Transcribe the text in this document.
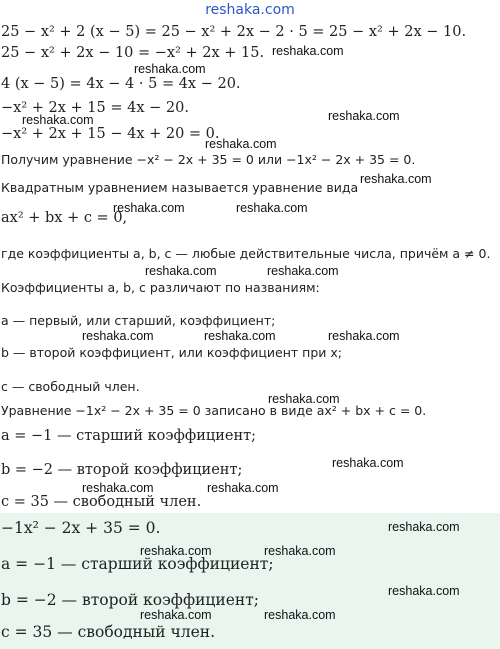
reshaka.com
25 − x² + 2 (x − 5) = 25 − x² + 2x − 2 · 5 = 25 − x² + 2x − 10.
25 − x² + 2x − 10 = −x² + 2x + 15.
4 (x − 5) = 4x − 4 · 5 = 4x − 20.
−x² + 2x + 15 = 4x − 20.
−x² + 2x + 15 − 4x + 20 = 0.
Получим уравнение −x² − 2x + 35 = 0 или −1x² − 2x + 35 = 0.
Квадратным уравнением называется уравнение вида
ax² + bx + c = 0,
где коэффициенты a, b, c — любые действительные числа, причём a ≠ 0.
Коэффициенты a, b, c различают по названиям:
a — первый, или старший, коэффициент;
b — второй коэффициент, или коэффициент при x;
c — свободный член.
Уравнение −1x² − 2x + 35 = 0 записано в виде ax² + bx + c = 0.
a = −1 — старший коэффициент;
b = −2 — второй коэффициент;
c = 35 — свободный член.
−1x² − 2x + 35 = 0.
a = −1 — старший коэффициент;
b = −2 — второй коэффициент;
c = 35 — свободный член.
reshaka.com
reshaka.com
reshaka.com	reshaka.com
reshaka.com
reshaka.com
reshaka.com	reshaka.com
reshaka.com	reshaka.com
reshaka.com	reshaka.com	reshaka.com
reshaka.com
reshaka.com
reshaka.com	reshaka.com
reshaka.com
reshaka.com	reshaka.com
reshaka.com
reshaka.com	reshaka.com
